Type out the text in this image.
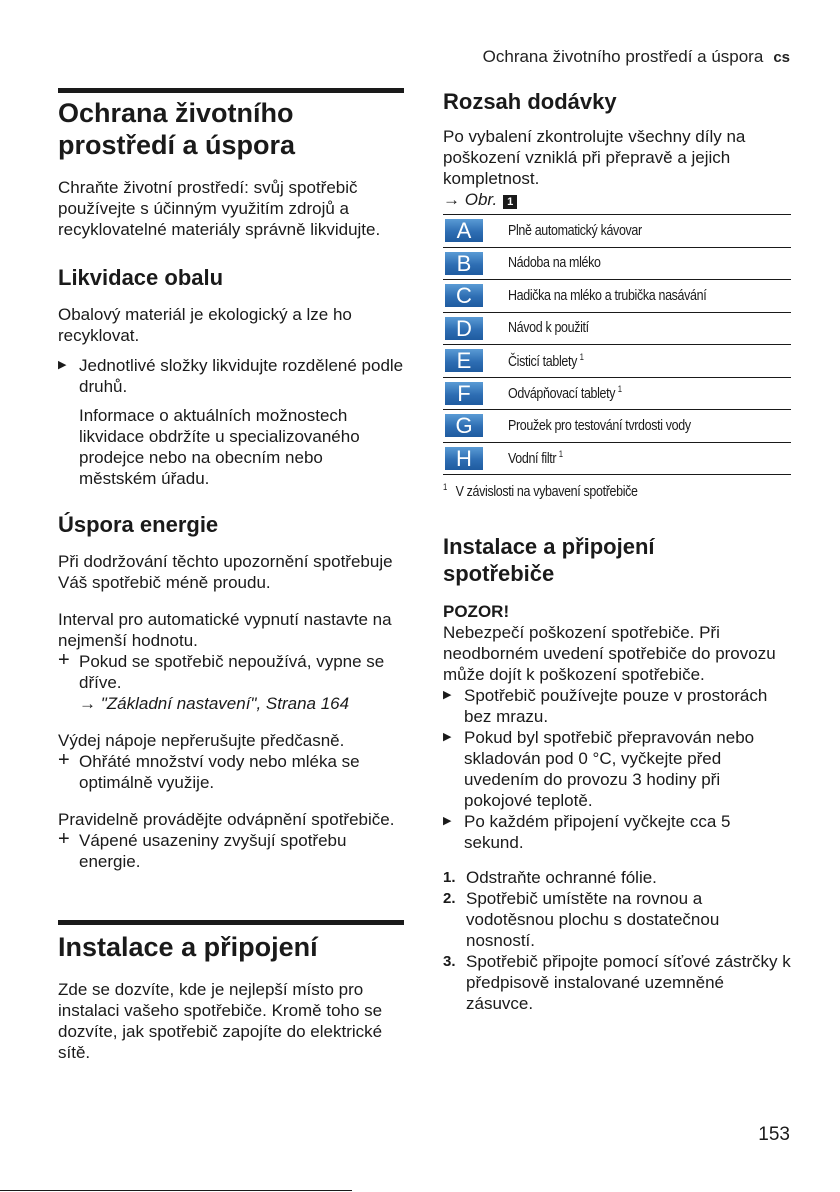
Ochrana životního prostředí a úspora cs
Ochrana životního prostředí a úspora

Chraňte životní prostředí: svůj spotřebič používejte s účinným využitím zdrojů a recyklovatelné materiály správně likvidujte.

Likvidace obalu

Obalový materiál je ekologický a lze ho recyklovat.

▶ Jednotlivé složky likvidujte rozdělené podle druhů.

Informace o aktuálních možnostech likvidace obdržíte u specializovaného prodejce nebo na obecním nebo městském úřadu.

Úspora energie

Při dodržování těchto upozornění spotřebuje Váš spotřebič méně proudu.

Interval pro automatické vypnutí nastavte na nejmenší hodnotu.

+ Pokud se spotřebič nepoužívá, vypne se dříve.
→ "Základní nastavení", Strana 164

Výdej nápoje nepřerušujte předčasně.

+ Ohřáté množství vody nebo mléka se optimálně využije.

Pravidelně provádějte odvápnění spotřebiče.

+ Vápené usazeniny zvyšují spotřebu energie.
Instalace a připojení

Zde se dozvíte, kde je nejlepší místo pro instalaci vašeho spotřebiče. Kromě toho se dozvíte, jak spotřebič zapojíte do elektrické sítě.

Rozsah dodávky

Po vybalení zkontrolujte všechny díly na poškození vzniklá při přepravě a jejich kompletnost.

→ Obr. 1
A	Plně automatický kávovar
B	Nádoba na mléko
C	Hadička na mléko a trubička nasávání
D	Návod k použití
E	Čisticí tablety $^1$
F	Odvápňovací tablety $^1$
G	Proužek pro testování tvrdosti vody
H	Vodní filtr $^1$
$^1$ V závislosti na vybavení spotřebiče
Instalace a připojení spotřebiče
POZOR!

Nebezpečí poškození spotřebiče. Při neodborném uvedení spotřebiče do provozu může dojít k poškození spotřebiče.

▶ Spotřebič používejte pouze v prostorách bez mrazu.
▶ Pokud byl spotřebič přepravován nebo skladován pod 0 °C, vyčkejte před uvedením do provozu 3 hodiny při pokojové teplotě.
▶ Po každém připojení vyčkejte cca 5 sekund.
1. Odstraňte ochranné fólie.
2. Spotřebič umístěte na rovnou a vodotěsnou plochu s dostatečnou nosností.
3. Spotřebič připojte pomocí síťové zástrčky k předpisově instalované uzemněné zásuvce.
153
